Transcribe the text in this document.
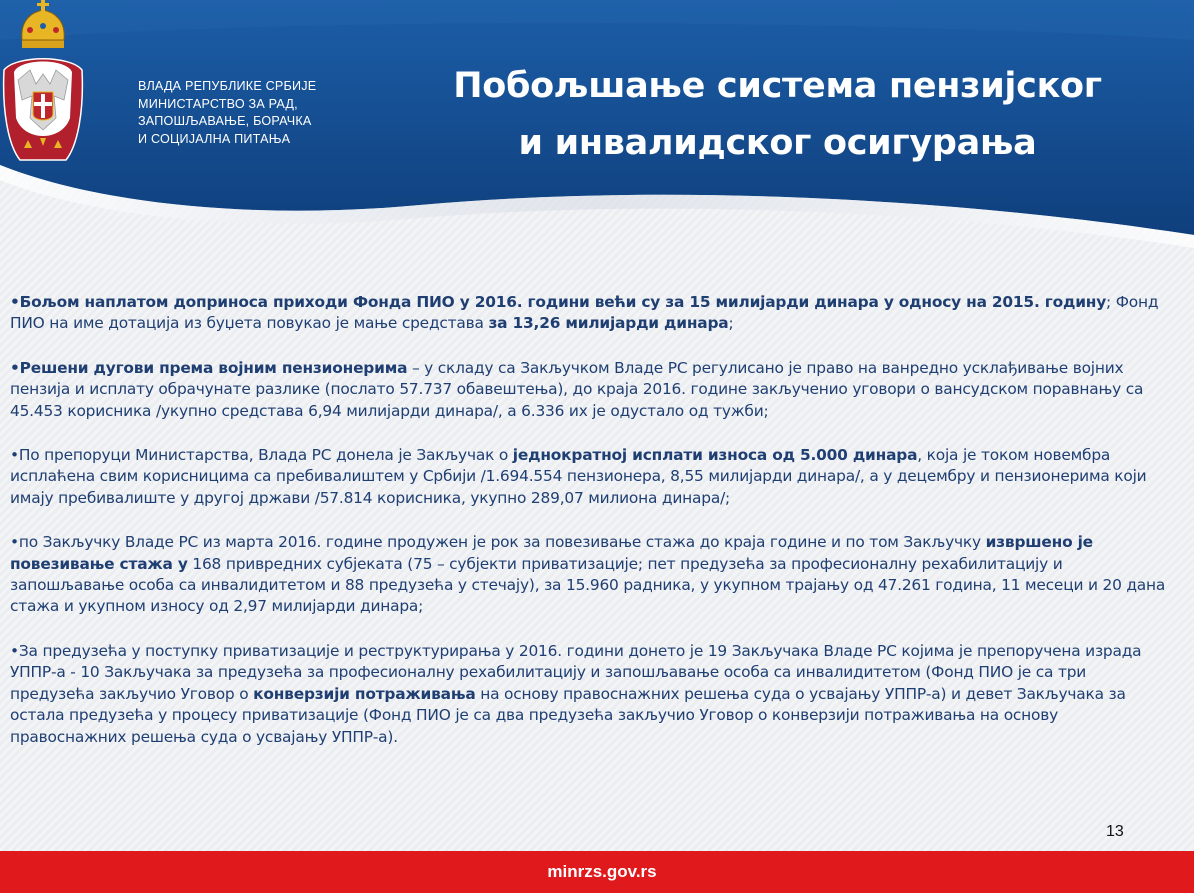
ВЛАДА РЕПУБЛИКЕ СРБИЈЕ
МИНИСТАРСТВО ЗА РАД,
ЗАПОШЉАВАЊЕ, БОРАЧКА
И СОЦИЈАЛНА ПИТАЊА
Побољшање система пензијског
и инвалидског осигурања

•Бољом наплатом доприноса приходи Фонда ПИО у 2016. години већи су за 15 милијарди динара у односу на 2015. годину; Фонд ПИО на име дотација из буџета повукао је мање средстава за 13,26 милијарди динара;

•Решени дугови према војним пензионерима – у складу са Закључком Владе РС регулисано је право на ванредно усклађивање војних пензија и исплату обрачунате разлике (послато 57.737 обавештења), до краја 2016. године закљученио уговори о вансудском поравнању са 45.453 корисника /укупно средстава 6,94 милијарди динара/, а 6.336 их је одустало од тужби;

•По препоруци Министарства, Влада РС донела је Закључак о једнократној исплати износа од 5.000 динара, која је током новембра исплаћена свим корисницима са пребивалиштем у Србији /1.694.554 пензионера, 8,55 милијарди динара/, а у децембру и пензионерима који имају пребивалиште у другој држави /57.814 корисника, укупно 289,07 милиона динара/;

•по Закључку Владе РС из марта 2016. године продужен је рок за повезивање стажа до краја године и по том Закључку извршено је повезивање стажа у 168 привредних субјеката (75 – субјекти приватизације; пет предузећа за професионалну рехабилитацију и запошљавање особа са инвалидитетом и 88 предузећа у стечају), за 15.960 радника, у укупном трајању од 47.261 година, 11 месеци и 20 дана стажа и укупном износу од 2,97 милијарди динара;

•За предузећа у поступку приватизације и реструктурирања у 2016. години донето је 19 Закључака Владе РС којима је препоручена израда УППР-а - 10 Закључака за предузећа за професионалну рехабилитацију и запошљавање особа са инвалидитетом (Фонд ПИО је са три предузећа закључио Уговор о конверзији потраживања на основу правоснажних решења суда о усвајању УППР-а) и девет Закључака за остала предузећа у процесу приватизације (Фонд ПИО је са два предузећа закључио Уговор о конверзији потраживања на основу правоснажних решења суда о усвајању УППР-а).

13
minrzs.gov.rs
